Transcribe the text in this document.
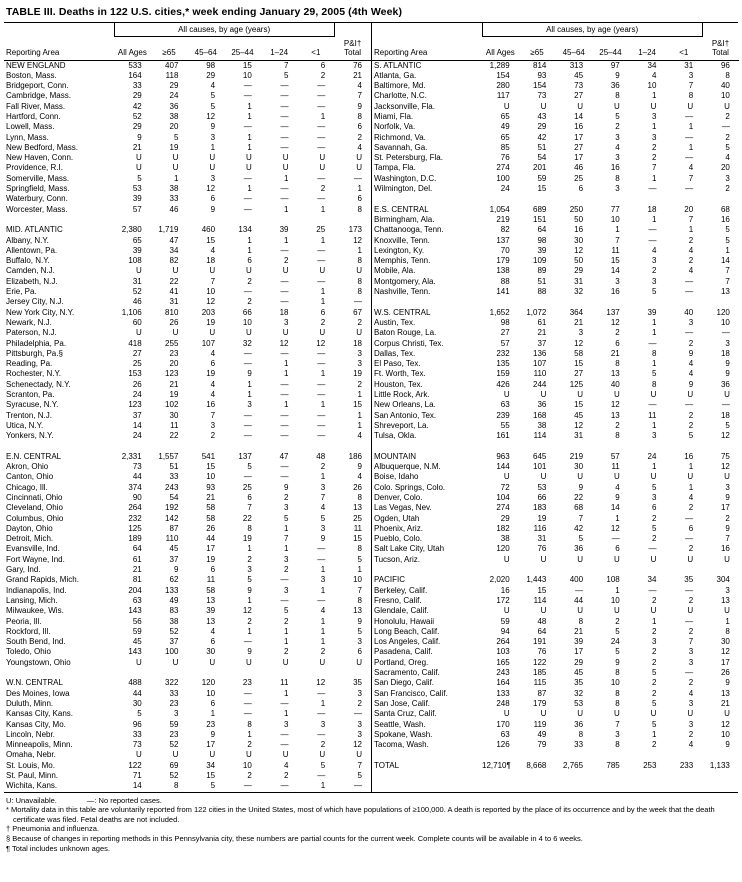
TABLE III. Deaths in 122 U.S. cities,* week ending January 29, 2005 (4th Week)
Reporting Area	All causes, by age (years)						
	All Ages	≥65	45–64	25–44	1–24	<1	P&I† Total
NEW ENGLAND	533	407	98	15	7	6	76
Boston, Mass.	164	118	29	10	5	2	21
Bridgeport, Conn.	33	29	4	—	—	—	4
Cambridge, Mass.	29	24	5	—	—	—	7
Fall River, Mass.	42	36	5	1	—	—	9
Hartford, Conn.	52	38	12	1	—	1	8
Lowell, Mass.	29	20	9	—	—	—	6
Lynn, Mass.	9	5	3	1	—	—	2
New Bedford, Mass.	21	19	1	1	—	—	4
New Haven, Conn.	U	U	U	U	U	U	U
Providence, R.I.	U	U	U	U	U	U	U
Somerville, Mass.	5	1	3	—	1	—	—
Springfield, Mass.	53	38	12	1	—	2	1
Waterbury, Conn.	39	33	6	—	—	—	6
Worcester, Mass.	57	46	9	—	1	1	8

MID. ATLANTIC	2,380	1,719	460	134	39	25	173
Albany, N.Y.	65	47	15	1	1	1	12
Allentown, Pa.	39	34	4	1	—	—	1
Buffalo, N.Y.	108	82	18	6	2	—	8
Camden, N.J.	U	U	U	U	U	U	U
Elizabeth, N.J.	31	22	7	2	—	—	8
Erie, Pa.	52	41	10	—	—	1	8
Jersey City, N.J.	46	31	12	2	—	1	—
New York City, N.Y.	1,106	810	203	66	18	6	67
Newark, N.J.	60	26	19	10	3	2	2
Paterson, N.J.	U	U	U	U	U	U	U
Philadelphia, Pa.	418	255	107	32	12	12	18
Pittsburgh, Pa.§	27	23	4	—	—	—	3
Reading, Pa.	25	20	6	—	1	—	3
Rochester, N.Y.	153	123	19	9	1	1	19
Schenectady, N.Y.	26	21	4	1	—	—	2
Scranton, Pa.	24	19	4	1	—	—	1
Syracuse, N.Y.	123	102	16	3	1	1	15
Trenton, N.J.	37	30	7	—	—	—	1
Utica, N.Y.	14	11	3	—	—	—	1
Yonkers, N.Y.	24	22	2	—	—	—	4

E.N. CENTRAL	2,331	1,557	541	137	47	48	186
Akron, Ohio	73	51	15	5	—	2	9
Canton, Ohio	44	33	10	—	—	1	4
Chicago, Ill.	374	243	93	25	9	3	26
Cincinnati, Ohio	90	54	21	6	2	7	8
Cleveland, Ohio	264	192	58	7	3	4	13
Columbus, Ohio	232	142	58	22	5	5	25
Dayton, Ohio	125	87	26	8	1	3	11
Detroit, Mich.	189	110	44	19	7	9	15
Evansville, Ind.	64	45	17	1	1	—	8
Fort Wayne, Ind.	61	37	19	2	3	—	5
Gary, Ind.	21	9	6	3	2	1	1
Grand Rapids, Mich.	81	62	11	5	—	3	10
Indianapolis, Ind.	204	133	58	9	3	1	7
Lansing, Mich.	63	49	13	1	—	—	8
Milwaukee, Wis.	143	83	39	12	5	4	13
Peoria, Ill.	56	38	13	2	2	1	9
Rockford, Ill.	59	52	4	1	1	1	5
South Bend, Ind.	45	37	6	—	1	1	3
Toledo, Ohio	143	100	30	9	2	2	6
Youngstown, Ohio	U	U	U	U	U	U	U

W.N. CENTRAL	488	322	120	23	11	12	35
Des Moines, Iowa	44	33	10	—	1	—	3
Duluth, Minn.	30	23	6	—	—	1	2
Kansas City, Kans.	5	3	1	—	1	—	—
Kansas City, Mo.	96	59	23	8	3	3	3
Lincoln, Nebr.	33	23	9	1	—	—	3
Minneapolis, Minn.	73	52	17	2	—	2	12
Omaha, Nebr.	U	U	U	U	U	U	U
St. Louis, Mo.	122	69	34	10	4	5	7
St. Paul, Minn.	71	52	15	2	2	—	5
Wichita, Kans.	14	8	5	—	—	1	—
Reporting Area	All causes, by age (years)						
	All Ages	≥65	45–64	25–44	1–24	<1	P&I† Total
S. ATLANTIC	1,289	814	313	97	34	31	96
Atlanta, Ga.	154	93	45	9	4	3	8
Baltimore, Md.	280	154	73	36	10	7	40
Charlotte, N.C.	117	73	27	8	1	8	10
Jacksonville, Fla.	U	U	U	U	U	U	U
Miami, Fla.	65	43	14	5	3	—	2
Norfolk, Va.	49	29	16	2	1	1	—
Richmond, Va.	65	42	17	3	3	—	2
Savannah, Ga.	85	51	27	4	2	1	5
St. Petersburg, Fla.	76	54	17	3	2	—	4
Tampa, Fla.	274	201	46	16	7	4	20
Washington, D.C.	100	59	25	8	1	7	3
Wilmington, Del.	24	15	6	3	—	—	2

E.S. CENTRAL	1,054	689	250	77	18	20	68
Birmingham, Ala.	219	151	50	10	1	7	16
Chattanooga, Tenn.	82	64	16	1	—	1	5
Knoxville, Tenn.	137	98	30	7	—	2	5
Lexington, Ky.	70	39	12	11	4	4	1
Memphis, Tenn.	179	109	50	15	3	2	14
Mobile, Ala.	138	89	29	14	2	4	7
Montgomery, Ala.	88	51	31	3	3	—	7
Nashville, Tenn.	141	88	32	16	5	—	13

W.S. CENTRAL	1,652	1,072	364	137	39	40	120
Austin, Tex.	98	61	21	12	1	3	10
Baton Rouge, La.	27	21	3	2	1	—	—
Corpus Christi, Tex.	57	37	12	6	—	2	3
Dallas, Tex.	232	136	58	21	8	9	18
El Paso, Tex.	135	107	15	8	1	4	9
Ft. Worth, Tex.	159	110	27	13	5	4	9
Houston, Tex.	426	244	125	40	8	9	36
Little Rock, Ark.	U	U	U	U	U	U	U
New Orleans, La.	63	36	15	12	—	—	—
San Antonio, Tex.	239	168	45	13	11	2	18
Shreveport, La.	55	38	12	2	1	2	5
Tulsa, Okla.	161	114	31	8	3	5	12

MOUNTAIN	963	645	219	57	24	16	75
Albuquerque, N.M.	144	101	30	11	1	1	12
Boise, Idaho	U	U	U	U	U	U	U
Colo. Springs, Colo.	72	53	9	4	5	1	3
Denver, Colo.	104	66	22	9	3	4	9
Las Vegas, Nev.	274	183	68	14	6	2	17
Ogden, Utah	29	19	7	1	2	—	2
Phoenix, Ariz.	182	116	42	12	5	6	9
Pueblo, Colo.	38	31	5	—	2	—	7
Salt Lake City, Utah	120	76	36	6	—	2	16
Tucson, Ariz.	U	U	U	U	U	U	U

PACIFIC	2,020	1,443	400	108	34	35	304
Berkeley, Calif.	16	15	—	1	—	—	3
Fresno, Calif.	172	114	44	10	2	2	13
Glendale, Calif.	U	U	U	U	U	U	U
Honolulu, Hawaii	59	48	8	2	1	—	1
Long Beach, Calif.	94	64	21	5	2	2	8
Los Angeles, Calif.	264	191	39	24	3	7	30
Pasadena, Calif.	103	76	17	5	2	3	12
Portland, Oreg.	165	122	29	9	2	3	17
Sacramento, Calif.	243	185	45	8	5	—	26
San Diego, Calif.	164	115	35	10	2	2	9
San Francisco, Calif.	133	87	32	8	2	4	13
San Jose, Calif.	248	179	53	8	5	3	21
Santa Cruz, Calif.	U	U	U	U	U	U	U
Seattle, Wash.	170	119	36	7	5	3	12
Spokane, Wash.	63	49	8	3	1	2	10
Tacoma, Wash.	126	79	33	8	2	4	9

TOTAL	12,710¶	8,668	2,765	785	253	233	1,133
U: Unavailable.	—: No reported cases.
* Mortality data in this table are voluntarily reported from 122 cities in the United States, most of which have populations of ≥100,000. A death is reported by the place of its occurrence and by the week that the death certificate was filed. Fetal deaths are not included.
† Pneumonia and influenza.
§ Because of changes in reporting methods in this Pennsylvania city, these numbers are partial counts for the current week. Complete counts will be available in 4 to 6 weeks.
¶ Total includes unknown ages.
